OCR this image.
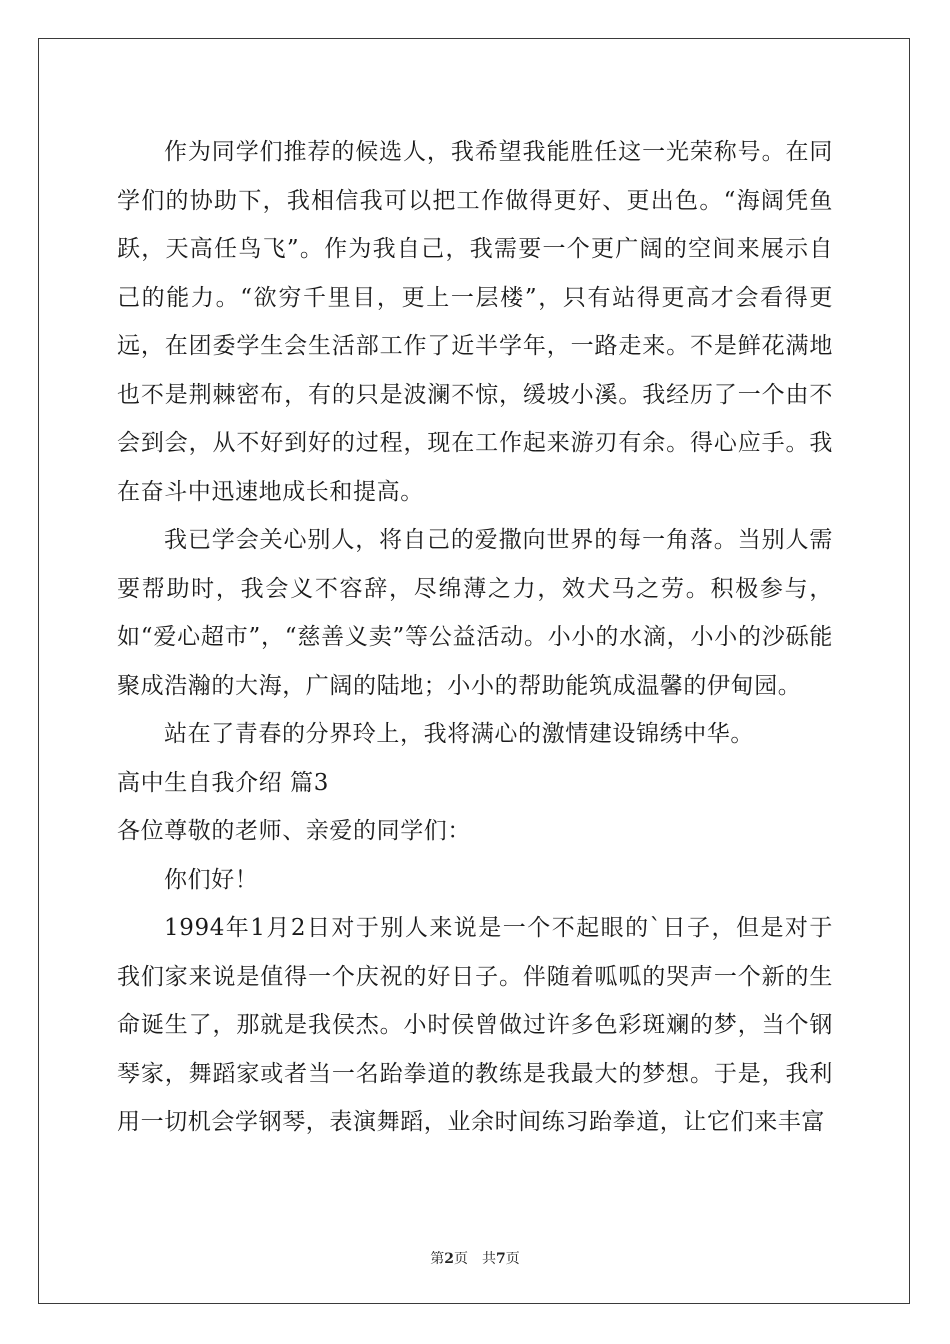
作为同学们推荐的候选人，我希望我能胜任这一光荣称号。在同学们的协助下，我相信我可以把工作做得更好、更出色。“海阔凭鱼跃，天高任鸟飞”。作为我自己，我需要一个更广阔的空间来展示自己的能力。“欲穷千里目，更上一层楼”，只有站得更高才会看得更远，在团委学生会生活部工作了近半学年，一路走来。不是鲜花满地也不是荆棘密布，有的只是波澜不惊，缓坡小溪。我经历了一个由不会到会，从不好到好的过程，现在工作起来游刃有余。得心应手。我在奋斗中迅速地成长和提高。

我已学会关心别人，将自己的爱撒向世界的每一角落。当别人需要帮助时，我会义不容辞，尽绵薄之力，效犬马之劳。积极参与，如“爱心超市”，“慈善义卖”等公益活动。小小的水滴，小小的沙砾能聚成浩瀚的大海，广阔的陆地；小小的帮助能筑成温馨的伊甸园。

站在了青春的分界玲上，我将满心的激情建设锦绣中华。

高中生自我介绍 篇3

各位尊敬的老师、亲爱的同学们：

你们好！

1994年1月2日对于别人来说是一个不起眼的`日子，但是对于我们家来说是值得一个庆祝的好日子。伴随着呱呱的哭声一个新的生命诞生了，那就是我侯杰。小时侯曾做过许多色彩斑斓的梦，当个钢琴家，舞蹈家或者当一名跆拳道的教练是我最大的梦想。于是，我利用一切机会学钢琴，表演舞蹈，业余时间练习跆拳道，让它们来丰富

第2页　共7页
